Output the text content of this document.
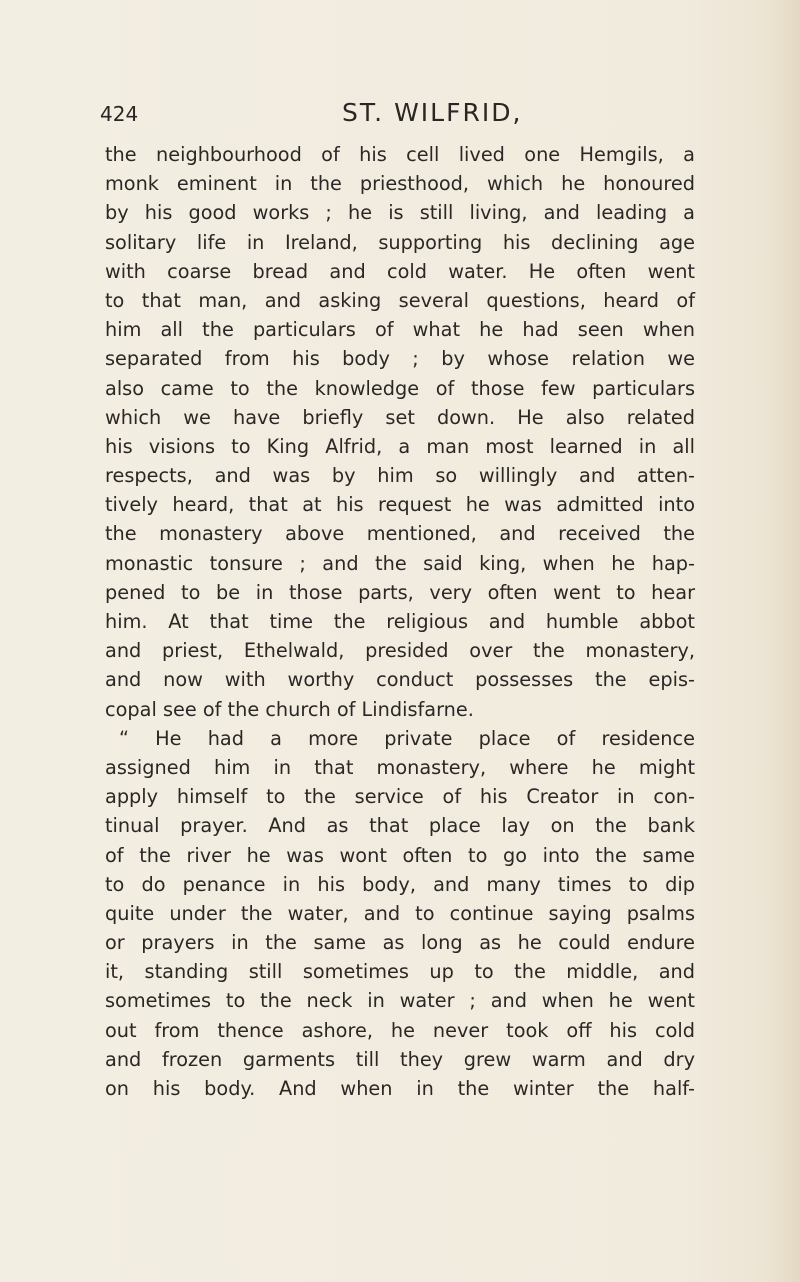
424	ST. WILFRID,
the neighbourhood of his cell lived one Hemgils, a
monk eminent in the priesthood, which he honoured
by his good works ; he is still living, and leading a
solitary life in Ireland, supporting his declining age
with coarse bread and cold water. He often went
to that man, and asking several questions, heard of
him all the particulars of what he had seen when
separated from his body ; by whose relation we
also came to the knowledge of those few particulars
which we have briefly set down. He also related
his visions to King Alfrid, a man most learned in all
respects, and was by him so willingly and atten-
tively heard, that at his request he was admitted into
the monastery above mentioned, and received the
monastic tonsure ; and the said king, when he hap-
pened to be in those parts, very often went to hear
him. At that time the religious and humble abbot
and priest, Ethelwald, presided over the monastery,
and now with worthy conduct possesses the epis-
copal see of the church of Lindisfarne.
“ He had a more private place of residence
assigned him in that monastery, where he might
apply himself to the service of his Creator in con-
tinual prayer. And as that place lay on the bank
of the river he was wont often to go into the same
to do penance in his body, and many times to dip
quite under the water, and to continue saying psalms
or prayers in the same as long as he could endure
it, standing still sometimes up to the middle, and
sometimes to the neck in water ; and when he went
out from thence ashore, he never took off his cold
and frozen garments till they grew warm and dry
on his body. And when in the winter the half-
